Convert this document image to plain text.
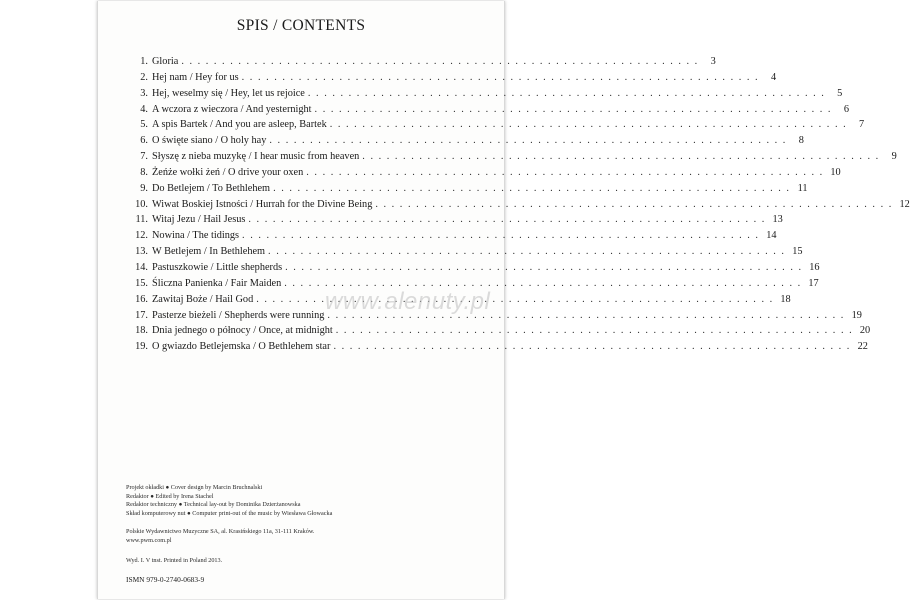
SPIS / CONTENTS
1. Gloria . . .	3
2. Hej nam / Hey for us . . .	4
3. Hej, weselmy się / Hey, let us rejoice . . .	5
4. A wczora z wieczora / And yesternight . . .	6
5. A spis Bartek / And you are asleep, Bartek . . .	7
6. O święte siano / O holy hay . . .	8
7. Słyszę z nieba muzykę / I hear music from heaven . . .	9
8. Żeńże wołki żeń / O drive your oxen . . .	10
9. Do Betlejem / To Bethlehem . . .	11
10. Wiwat Boskiej Istności / Hurrah for the Divine Being . . .	12
11. Witaj Jezu / Hail Jesus . . .	13
12. Nowina / The tidings . . .	14
13. W Betlejem / In Bethlehem . . .	15
14. Pastuszkowie / Little shepherds . . .	16
15. Śliczna Panienka / Fair Maiden . . .	17
16. Zawitaj Boże / Hail God . . .	18
17. Pasterze bieżeli / Shepherds were running . . .	19
18. Dnia jednego o północy / Once, at midnight . . .	20
19. O gwiazdo Betlejemska / O Bethlehem star . . .	22
www.alenuty.pl
Projekt okładki ● Cover design by Marcin Bruchnalski
Redaktor ● Edited by Irena Stachel
Redaktor techniczny ● Technical lay-out by Dominika Dzierżanowska
Skład komputerowy nut ● Computer print-out of the music by Wiesława Głowacka
Polskie Wydawnictwo Muzyczne SA, al. Krasińskiego 11a, 31-111 Kraków.
www.pwm.com.pl
Wyd. I. V tnst. Printed in Poland 2013.
ISMN 979-0-2740-0683-9
